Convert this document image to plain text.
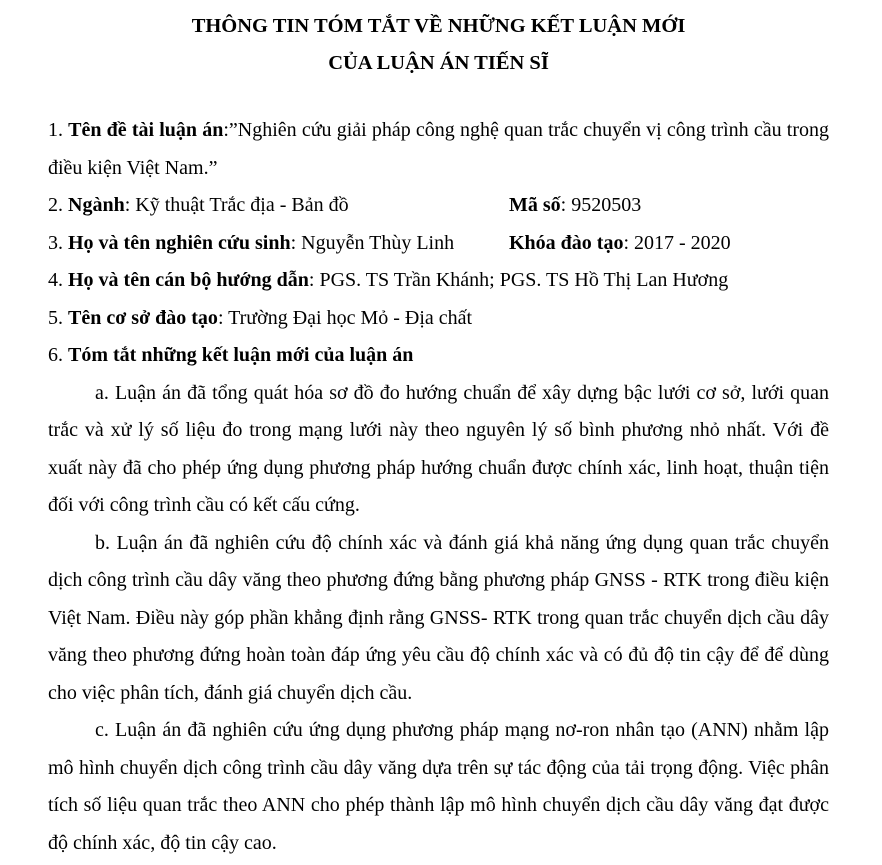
THÔNG TIN TÓM TẮT VỀ NHỮNG KẾT LUẬN MỚI

CỦA LUẬN ÁN TIẾN SĨ

1. Tên đề tài luận án:”Nghiên cứu giải pháp công nghệ quan trắc chuyển vị công trình cầu trong điều kiện Việt Nam.”

2. Ngành: Kỹ thuật Trắc địa - Bản đồ	Mã số: 9520503
3. Họ và tên nghiên cứu sinh: Nguyễn Thùy Linh	Khóa đào tạo: 2017 - 2020

4. Họ và tên cán bộ hướng dẫn: PGS. TS Trần Khánh; PGS. TS Hồ Thị Lan Hương

5. Tên cơ sở đào tạo: Trường Đại học Mỏ - Địa chất

6. Tóm tắt những kết luận mới của luận án

a. Luận án đã tổng quát hóa sơ đồ đo hướng chuẩn để xây dựng bậc lưới cơ sở, lưới quan trắc và xử lý số liệu đo trong mạng lưới này theo nguyên lý số bình phương nhỏ nhất. Với đề xuất này đã cho phép ứng dụng phương pháp hướng chuẩn được chính xác, linh hoạt, thuận tiện đối với công trình cầu có kết cấu cứng.

b. Luận án đã nghiên cứu độ chính xác và đánh giá khả năng ứng dụng quan trắc chuyển dịch công trình cầu dây văng theo phương đứng bằng phương pháp GNSS - RTK trong điều kiện Việt Nam. Điều này góp phần khẳng định rằng GNSS- RTK trong quan trắc chuyển dịch cầu dây văng theo phương đứng hoàn toàn đáp ứng yêu cầu độ chính xác và có đủ độ tin cậy để để dùng cho việc phân tích, đánh giá chuyển dịch cầu.

c. Luận án đã nghiên cứu ứng dụng phương pháp mạng nơ-ron nhân tạo (ANN) nhằm lập mô hình chuyển dịch công trình cầu dây văng dựa trên sự tác động của tải trọng động. Việc phân tích số liệu quan trắc theo ANN cho phép thành lập mô hình chuyển dịch cầu dây văng đạt được độ chính xác, độ tin cậy cao.
